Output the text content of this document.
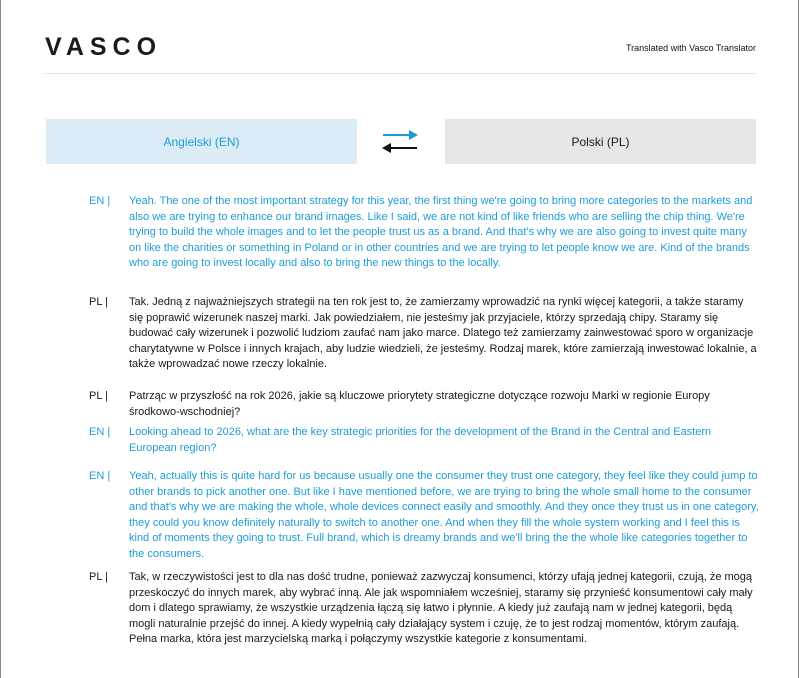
VASCO	Translated with Vasco Translator
Angielski (EN)	Polski (PL)
EN |	Yeah. The one of the most important strategy for this year, the first thing we're going to bring more categories to the markets and also we are trying to enhance our brand images. Like I said, we are not kind of like friends who are selling the chip thing. We're trying to build the whole images and to let the people trust us as a brand. And that's why we are also going to invest quite many on like the charities or something in Poland or in other countries and we are trying to let people know we are. Kind of the brands who are going to invest locally and also to bring the new things to the locally.
PL |	Tak. Jedną z najważniejszych strategii na ten rok jest to, że zamierzamy wprowadzić na rynki więcej kategorii, a także staramy się poprawić wizerunek naszej marki. Jak powiedziałem, nie jesteśmy jak przyjaciele, którzy sprzedają chipy. Staramy się budować cały wizerunek i pozwolić ludziom zaufać nam jako marce. Dlatego też zamierzamy zainwestować sporo w organizacje charytatywne w Polsce i innych krajach, aby ludzie wiedzieli, że jesteśmy. Rodzaj marek, które zamierzają inwestować lokalnie, a także wprowadzać nowe rzeczy lokalnie.
PL |	Patrząc w przyszłość na rok 2026, jakie są kluczowe priorytety strategiczne dotyczące rozwoju Marki w regionie Europy środkowo-wschodniej?
EN |	Looking ahead to 2026, what are the key strategic priorities for the development of the Brand in the Central and Eastern European region?
EN |	Yeah, actually this is quite hard for us because usually one the consumer they trust one category, they feel like they could jump to other brands to pick another one. But like I have mentioned before, we are trying to bring the whole small home to the consumer and that's why we are making the whole, whole devices connect easily and smoothly. And they once they trust us in one category, they could you know definitely naturally to switch to another one. And when they fill the whole system working and I feel this is kind of moments they going to trust. Full brand, which is dreamy brands and we'll bring the the whole like categories together to the consumers.
PL |	Tak, w rzeczywistości jest to dla nas dość trudne, ponieważ zazwyczaj konsumenci, którzy ufają jednej kategorii, czują, że mogą przeskoczyć do innych marek, aby wybrać inną. Ale jak wspomniałem wcześniej, staramy się przynieść konsumentowi cały mały dom i dlatego sprawiamy, że wszystkie urządzenia łączą się łatwo i płynnie. A kiedy już zaufają nam w jednej kategorii, będą mogli naturalnie przejść do innej. A kiedy wypełnią cały działający system i czuję, że to jest rodzaj momentów, którym zaufają. Pełna marka, która jest marzycielską marką i połączymy wszystkie kategorie z konsumentami.
